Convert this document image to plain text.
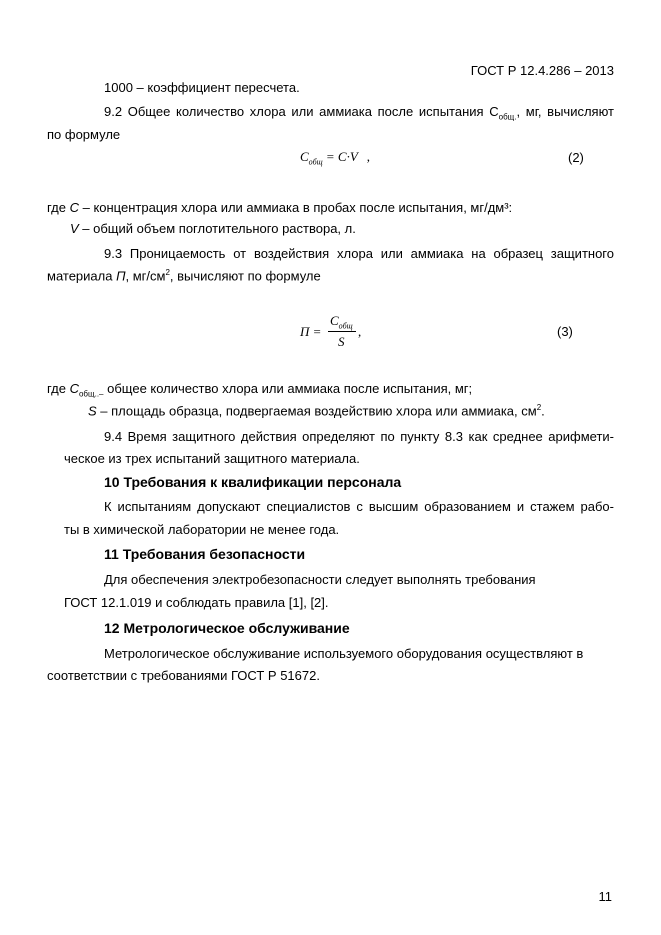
ГОСТ Р 12.4.286 – 2013
1000 – коэффициент пересчета.
9.2 Общее количество хлора или аммиака после испытания $С_{общ.}$, мг, вычисляют
по формуле
$C_{общ} = C\cdot V$ ,	(2)
где С – концентрация хлора или аммиака в пробах после испытания, мг/дм³:
V – общий объем поглотительного раствора, л.
9.3 Проницаемость от воздействия хлора или аммиака на образец защитного
материала П, $мг/см^2$, вычисляют по формуле
П =
$C_{общ}$
S
,	(3)
где $С_{общ..-}$ общее количество хлора или аммиака после испытания, мг;
S – площадь образца, подвергаемая воздействию хлора или аммиака, $см^2$.
9.4 Время защитного действия определяют по пункту 8.3 как среднее арифмети-
ческое из трех испытаний защитного материала.
10 Требования к квалификации персонала
К испытаниям допускают специалистов с высшим образованием и стажем рабо-
ты в химической лаборатории не менее года.
11 Требования безопасности
Для обеспечения электробезопасности следует выполнять требования
ГОСТ 12.1.019 и соблюдать правила [1], [2].
12 Метрологическое обслуживание
Метрологическое обслуживание используемого оборудования осуществляют в
соответствии с требованиями ГОСТ Р 51672.
11
